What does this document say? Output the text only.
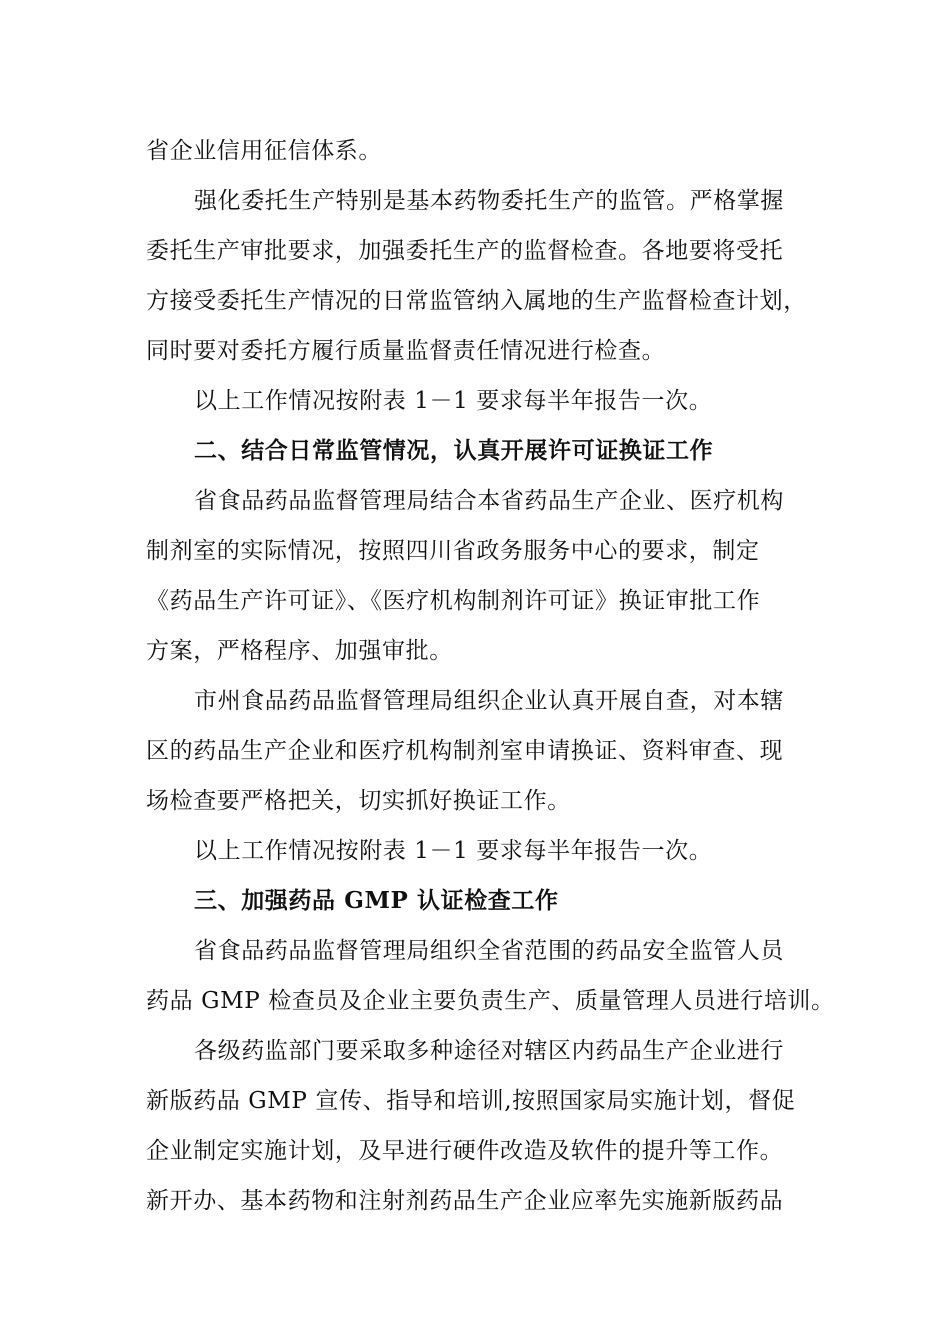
省企业信用征信体系。
强化委托生产特别是基本药物委托生产的监管。严格掌握
委托生产审批要求，加强委托生产的监督检查。各地要将受托
方接受委托生产情况的日常监管纳入属地的生产监督检查计划，
同时要对委托方履行质量监督责任情况进行检查。
以上工作情况按附表 1－1 要求每半年报告一次。
二、结合日常监管情况，认真开展许可证换证工作
省食品药品监督管理局结合本省药品生产企业、医疗机构
制剂室的实际情况，按照四川省政务服务中心的要求，制定
《药品生产许可证》、《医疗机构制剂许可证》换证审批工作
方案，严格程序、加强审批。
市州食品药品监督管理局组织企业认真开展自查，对本辖
区的药品生产企业和医疗机构制剂室申请换证、资料审查、现
场检查要严格把关，切实抓好换证工作。
以上工作情况按附表 1－1 要求每半年报告一次。
三、加强药品 GMP 认证检查工作
省食品药品监督管理局组织全省范围的药品安全监管人员
药品 GMP 检查员及企业主要负责生产、质量管理人员进行培训。
各级药监部门要采取多种途径对辖区内药品生产企业进行
新版药品 GMP 宣传、指导和培训,按照国家局实施计划，督促
企业制定实施计划，及早进行硬件改造及软件的提升等工作。
新开办、基本药物和注射剂药品生产企业应率先实施新版药品
